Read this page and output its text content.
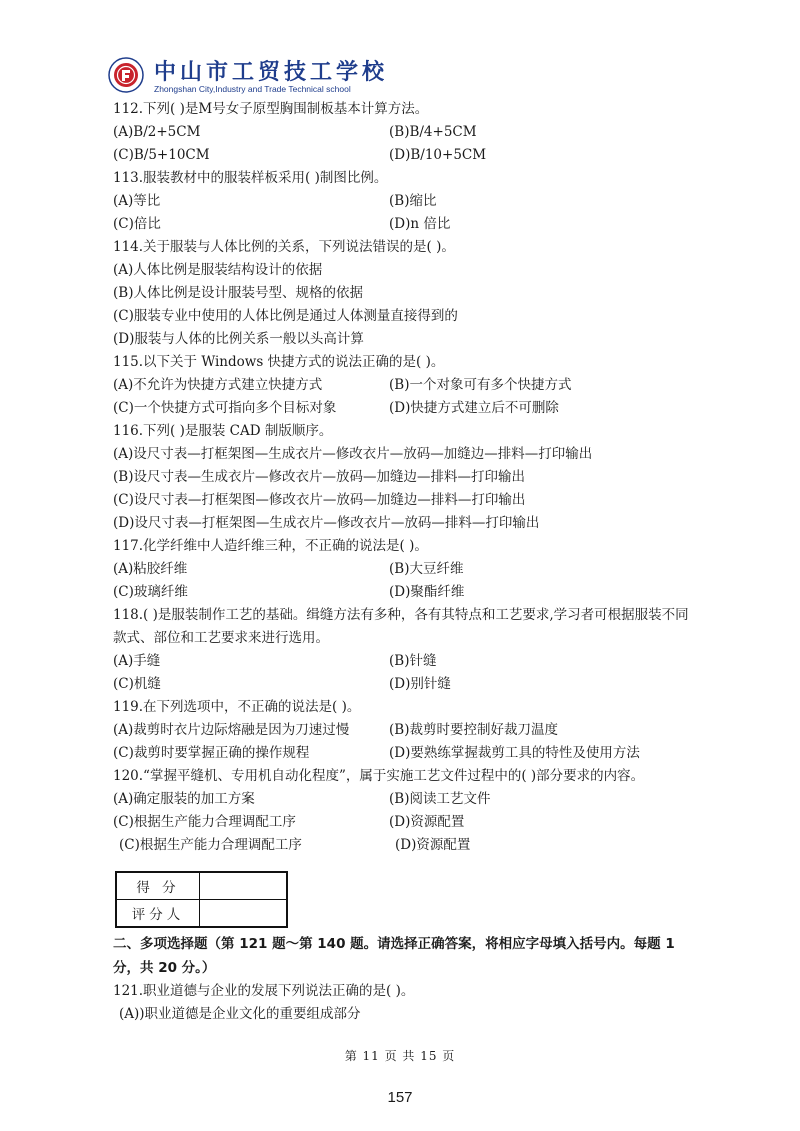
中山市工贸技工学校
Zhongshan City,Industry and Trade Technical school
112.下列( )是M号女子原型胸围制板基本计算方法。
(A)B/2+5CM	(B)B/4+5CM
(C)B/5+10CM	(D)B/10+5CM
113.服装教材中的服装样板采用( )制图比例。
(A)等比	(B)缩比
(C)倍比	(D)n 倍比
114.关于服装与人体比例的关系，下列说法错误的是( )。
(A)人体比例是服装结构设计的依据
(B)人体比例是设计服装号型、规格的依据
(C)服装专业中使用的人体比例是通过人体测量直接得到的
(D)服装与人体的比例关系一般以头高计算
115.以下关于 Windows 快捷方式的说法正确的是( )。
(A)不允许为快捷方式建立快捷方式	(B)一个对象可有多个快捷方式
(C)一个快捷方式可指向多个目标对象	(D)快捷方式建立后不可删除
116.下列( )是服装 CAD 制版顺序。
(A)设尺寸表—打框架图—生成衣片—修改衣片—放码—加缝边—排料—打印输出
(B)设尺寸表—生成衣片—修改衣片—放码—加缝边—排料—打印输出
(C)设尺寸表—打框架图—修改衣片—放码—加缝边—排料—打印输出
(D)设尺寸表—打框架图—生成衣片—修改衣片—放码—排料—打印输出
117.化学纤维中人造纤维三种，不正确的说法是( )。
(A)粘胶纤维	(B)大豆纤维
(C)玻璃纤维	(D)聚酯纤维
118.( )是服装制作工艺的基础。缉缝方法有多种，各有其特点和工艺要求,学习者可根据服装不同款式、部位和工艺要求来进行选用。
(A)手缝	(B)针缝
(C)机缝	(D)别针缝
119.在下列选项中，不正确的说法是( )。
(A)裁剪时衣片边际熔融是因为刀速过慢	(B)裁剪时要控制好裁刀温度
(C)裁剪时要掌握正确的操作规程	(D)要熟练掌握裁剪工具的特性及使用方法
120.“掌握平缝机、专用机自动化程度”，属于实施工艺文件过程中的( )部分要求的内容。
(A)确定服装的加工方案	(B)阅读工艺文件
(C)根据生产能力合理调配工序	(D)资源配置
(C)根据生产能力合理调配工序	(D)资源配置
得 分	
评分人	
二、多项选择题（第 121 题～第 140 题。请选择正确答案，将相应字母填入括号内。每题 1 分，共 20 分。）
121.职业道德与企业的发展下列说法正确的是( )。
(A))职业道德是企业文化的重要组成部分
第 11 页 共 15 页
157
